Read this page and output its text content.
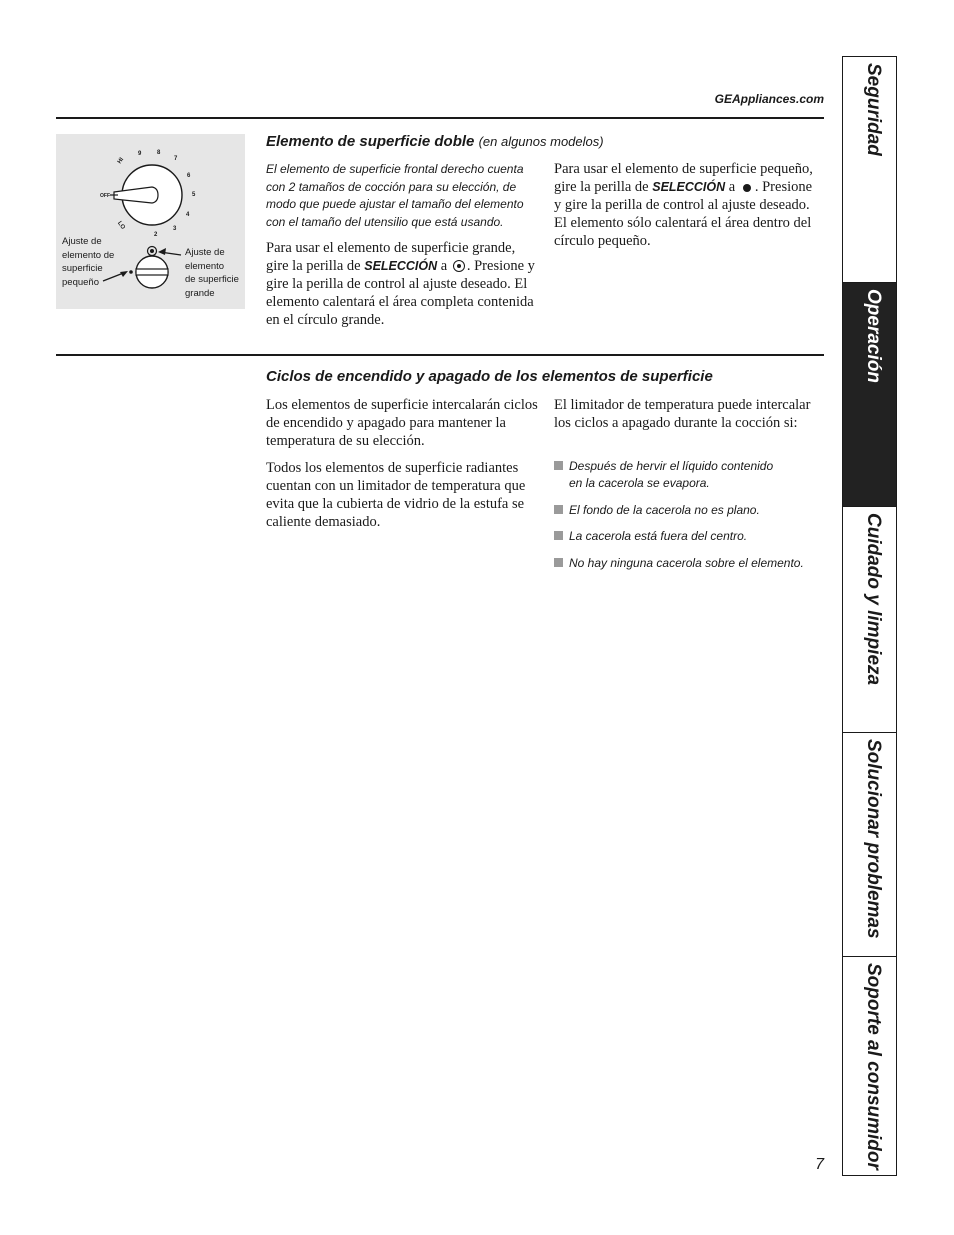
GEAppliances.com
HI
9	8
7
6
5
4
3
2
LO
OFF
Ajuste de
elemento de
superficie
pequeño
Ajuste de
elemento
de superficie
grande
Elemento de superficie doble (en algunos modelos)

El elemento de superficie frontal derecho cuenta con 2 tamaños de cocción para su elección, de modo que puede ajustar el tamaño del elemento con el tamaño del utensilio que está usando.

Para usar el elemento de superficie grande, gire la perilla de SELECCIÓN a . Presione y gire la perilla de control al ajuste deseado. El elemento calentará el área completa contenida en el círculo grande.

Para usar el elemento de superficie pequeño, gire la perilla de SELECCIÓN a . Presione y gire la perilla de control al ajuste deseado. El elemento sólo calentará el área dentro del círculo pequeño.

Ciclos de encendido y apagado de los elementos de superficie

Los elementos de superficie intercalarán ciclos de encendido y apagado para mantener la temperatura de su elección.

Todos los elementos de superficie radiantes cuentan con un limitador de temperatura que evita que la cubierta de vidrio de la estufa se caliente demasiado.

El limitador de temperatura puede intercalar los ciclos a apagado durante la cocción si:

Después de hervir el líquido contenido en la cacerola se evapora.
El fondo de la cacerola no es plano.
La cacerola está fuera del centro.
No hay ninguna cacerola sobre el elemento.
Seguridad
Operación
Cuidado y limpieza
Solucionar problemas
Soporte al consumidor
7
